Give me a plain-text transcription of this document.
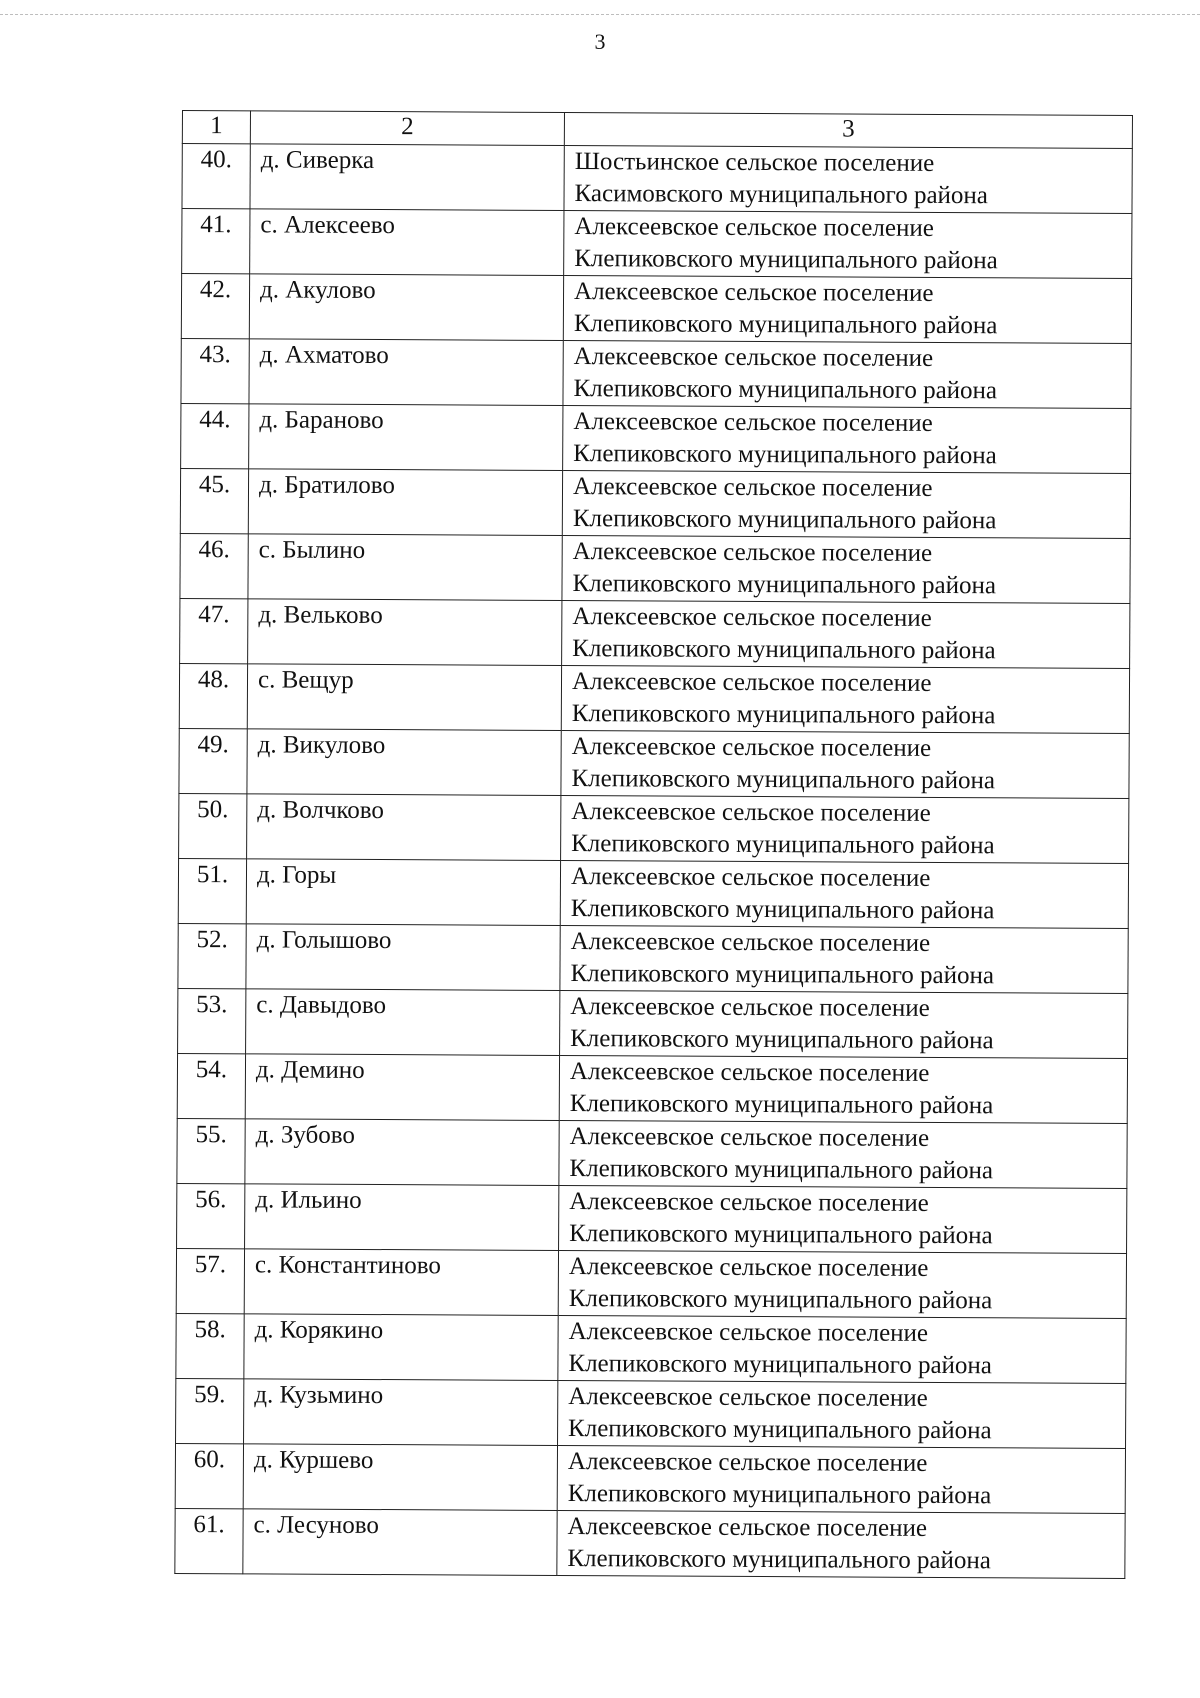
3
1	2	3
40.	д. Сиверка	Шостьинское сельское поселение
Касимовского муниципального района

41.	с. Алексеево	Алексеевское сельское поселение
Клепиковского муниципального района

42.	д. Акулово	Алексеевское сельское поселение
Клепиковского муниципального района

43.	д. Ахматово	Алексеевское сельское поселение
Клепиковского муниципального района

44.	д. Бараново	Алексеевское сельское поселение
Клепиковского муниципального района

45.	д. Братилово	Алексеевское сельское поселение
Клепиковского муниципального района

46.	с. Былино	Алексеевское сельское поселение
Клепиковского муниципального района

47.	д. Вельково	Алексеевское сельское поселение
Клепиковского муниципального района

48.	с. Вещур	Алексеевское сельское поселение
Клепиковского муниципального района

49.	д. Викулово	Алексеевское сельское поселение
Клепиковского муниципального района

50.	д. Волчково	Алексеевское сельское поселение
Клепиковского муниципального района

51.	д. Горы	Алексеевское сельское поселение
Клепиковского муниципального района

52.	д. Голышово	Алексеевское сельское поселение
Клепиковского муниципального района

53.	с. Давыдово	Алексеевское сельское поселение
Клепиковского муниципального района

54.	д. Демино	Алексеевское сельское поселение
Клепиковского муниципального района

55.	д. Зубово	Алексеевское сельское поселение
Клепиковского муниципального района

56.	д. Ильино	Алексеевское сельское поселение
Клепиковского муниципального района

57.	с. Константиново	Алексеевское сельское поселение
Клепиковского муниципального района

58.	д. Корякино	Алексеевское сельское поселение
Клепиковского муниципального района

59.	д. Кузьмино	Алексеевское сельское поселение
Клепиковского муниципального района

60.	д. Куршево	Алексеевское сельское поселение
Клепиковского муниципального района

61.	с. Лесуново	Алексеевское сельское поселение
Клепиковского муниципального района
